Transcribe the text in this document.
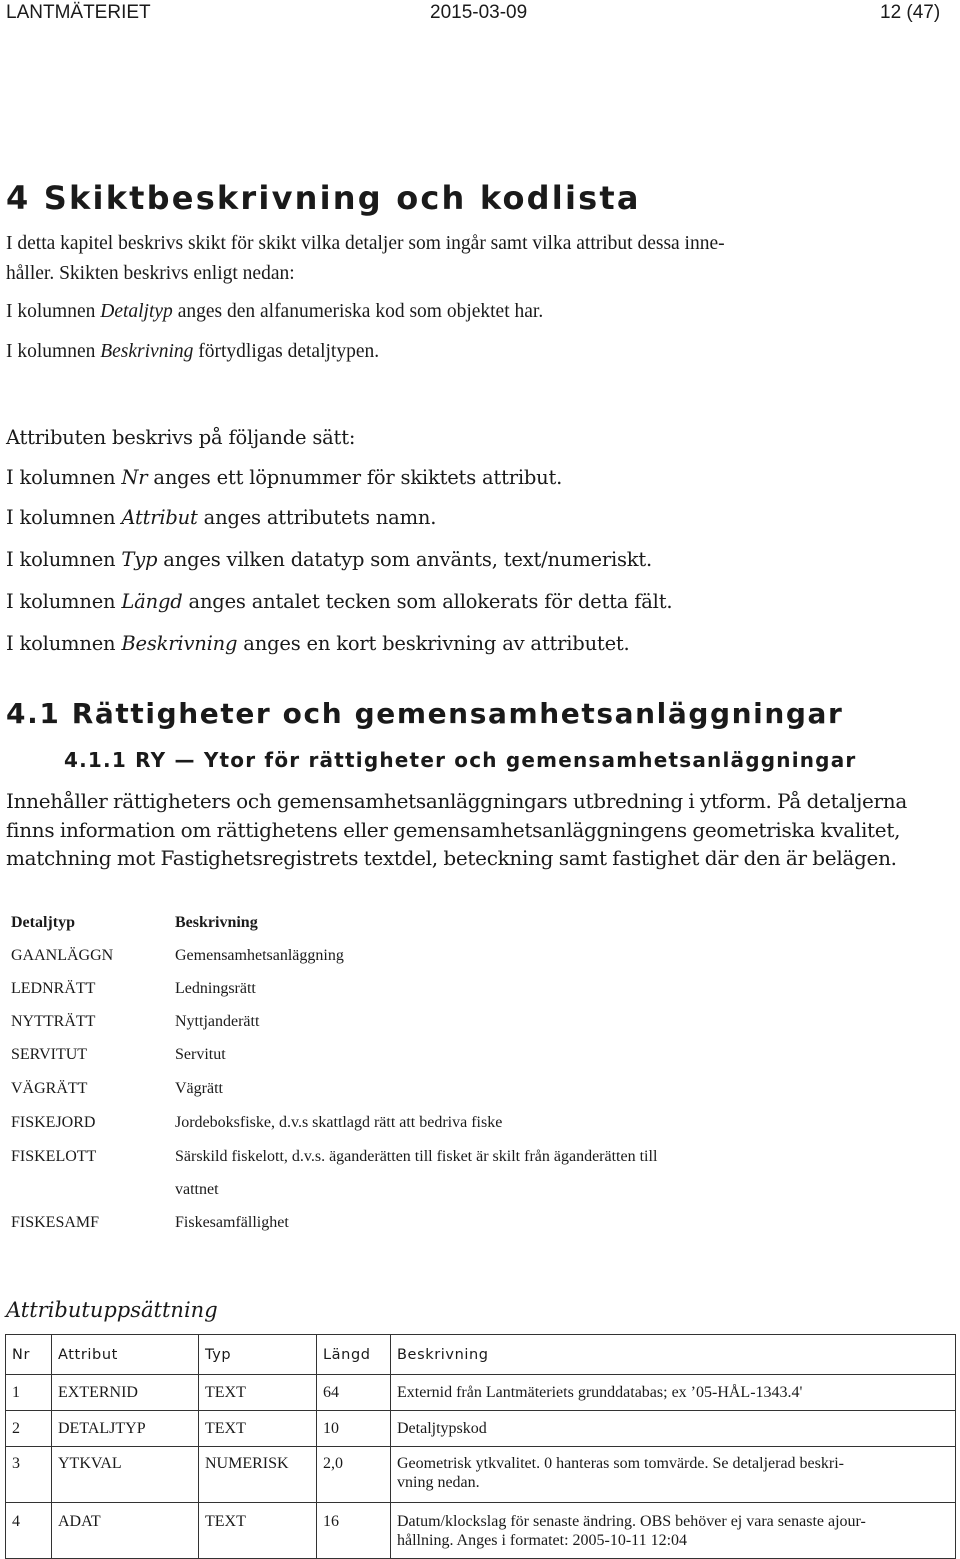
LANTMÄTERIET	2015-03-09	12 (47)
4 Skiktbeskrivning och kodlista
I detta kapitel beskrivs skikt för skikt vilka detaljer som ingår samt vilka attribut dessa inne-
håller. Skikten beskrivs enligt nedan:
I kolumnen Detaljtyp anges den alfanumeriska kod som objektet har.
I kolumnen Beskrivning förtydligas detaljtypen.
Attributen beskrivs på följande sätt:
I kolumnen Nr anges ett löpnummer för skiktets attribut.
I kolumnen Attribut anges attributets namn.
I kolumnen Typ anges vilken datatyp som använts, text/numeriskt.
I kolumnen Längd anges antalet tecken som allokerats för detta fält.
I kolumnen Beskrivning anges en kort beskrivning av attributet.
4.1 Rättigheter och gemensamhetsanläggningar
4.1.1 RY — Ytor för rättigheter och gemensamhetsanläggningar
Innehåller rättigheters och gemensamhetsanläggningars utbredning i ytform. På detaljerna finns information om rättighetens eller gemensamhetsanläggningens geometriska kvalitet, matchning mot Fastighetsregistrets textdel, beteckning samt fastighet där den är belägen.
Detaljtyp	Beskrivning
GAANLÄGGN	Gemensamhetsanläggning
LEDNRÄTT	Ledningsrätt
NYTTRÄTT	Nyttjanderätt
SERVITUT	Servitut
VÄGRÄTT	Vägrätt
FISKEJORD	Jordeboksfiske, d.v.s skattlagd rätt att bedriva fiske
FISKELOTT	Särskild fiskelott, d.v.s. äganderätten till fisket är skilt från äganderätten till
vattnet
FISKESAMF	Fiskesamfällighet
Attributuppsättning
Nr	Attribut	Typ	Längd	Beskrivning
1	EXTERNID	TEXT	64	Externid från Lantmäteriets grunddatabas; ex ’05-HÅL-1343.4'
2	DETALJTYP	TEXT	10	Detaljtypskod
3	YTKVAL	NUMERISK	2,0	Geometrisk ytkvalitet. 0 hanteras som tomvärde. Se detaljerad beskri-
vning nedan.

4	ADAT	TEXT	16	Datum/klockslag för senaste ändring. OBS behöver ej vara senaste ajour-
hållning. Anges i formatet: 2005-10-11 12:04
